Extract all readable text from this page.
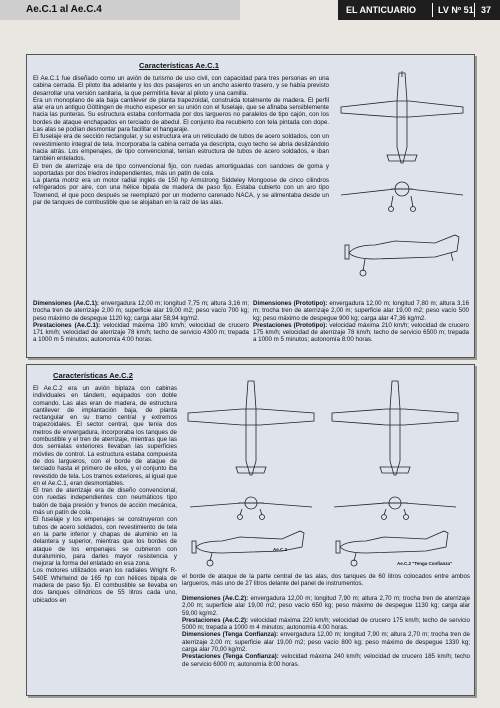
Ae.C.1 al Ae.C.4	EL ANTICUARIO LV Nº 51 37
Características Ae.C.1

El Ae.C.1 fue diseñado como un avión de turismo de uso civil, con capacidad para tres personas en una cabina cerrada. El piloto iba adelante y los dos pasajeros en un ancho asiento trasero, y se había previsto desarrollar una versión sanitaria, la que permitiría llevar al piloto y una camilla.

Era un monoplano de ala baja cantilever de planta trapezoidal, construida totalmente de madera. El perfil alar era un antiguo Göttingen de mucho espesor en su unión con el fuselaje, que se afinaba sensiblemente hacia las punteras. Su estructura estaba conformada por dos largueros no paralelos de tipo cajón, con los bordes de ataque enchapados en terciado de abedul. El conjunto iba recubierto con tela pintada con dope. Las alas se podían desmontar para facilitar el hangaraje.

El fuselaje era de sección rectangular, y su estructura era un reticulado de tubos de acero soldados, con un revestimiento integral de tela. Incorporaba la cabina cerrada ya descripta, cuyo techo se abría deslizándolo hacia atrás. Los empenajes, de tipo convencional, tenían estructura de tubos de acero soldados, e iban también entelados.

El tren de aterrizaje era de tipo convencional fijo, con ruedas amortiguadas con sandows de goma y soportadas por dos triedros independientes, más un patín de cola.

La planta motriz era un motor radial inglés de 150 hp Armstrong Siddeley Mongoose de cinco cilindros refrigerados por aire, con una hélice bipala de madera de paso fijo. Estaba cubierto con un aro tipo Townend, el que poco después se reemplazó por un moderno carenado NACA, y se alimentaba desde un par de tanques de combustible que se alojaban en la raíz de las alas.

Dimensiones (Ae.C.1): envergadura 12,00 m; longitud 7,75 m; altura 3,16 m; trocha tren de aterrizaje 2,00 m; superficie alar 19,00 m2; peso vacío 700 kg; peso máximo de despegue 1120 kg; carga alar 58,94 kg/m2.
Prestaciones (Ae.C.1): velocidad máxima 180 km/h; velocidad de crucero 171 km/h; velocidad de aterrizaje 78 km/h; techo de servicio 4300 m; trepada a 1000 m 5 minutos; autonomía 4:00 horas.
Dimensiones (Prototipo): envergadura 12,00 m; longitud 7,80 m; altura 3,16 m; trocha tren de aterrizaje 2,00 m; superficie alar 19,00 m2; peso vacío 500 kg; peso máximo de despegue 900 kg; carga alar 47,36 kg/m2.
Prestaciones (Prototipo): velocidad máxima 210 km/h; velocidad de crucero 175 km/h; velocidad de aterrizaje 78 km/h; techo de servicio 6500 m; trepada a 1000 m 5 minutos; autonomía 8:00 horas.
Características Ae.C.2

El Ae.C.2 era un avión biplaza con cabinas individuales en tándem, equipados con doble comando. Las alas eran de madera, de estructura cantilever de implantación baja, de planta rectangular en su tramo central y extremos trapezoidales. El sector central, que tenía dos metros de envergadura, incorporaba los tanques de combustible y el tren de aterrizaje, mientras que las dos semialas exteriores llevaban las superficies móviles de control. La estructura estaba compuesta de dos largueros, con el borde de ataque de terciado hasta el primero de ellos, y el conjunto iba revestido de tela. Los tramos exteriores, al igual que en el Ae.C.1, eran desmontables.

El tren de aterrizaje era de diseño convencional, con ruedas independientes con neumáticos tipo balón de baja presión y frenos de acción mecánica, más un patín de cola.

El fuselaje y los empenajes se construyeron con tubos de acero soldados, con revestimiento de tela en la parte inferior y chapas de aluminio en la delantera y superior, mientras que los bordes de ataque de los empenajes se cubrieron con duraluminio, para darles mayor resistencia y mejorar la forma del enlatado en esa zona.

Los motores utilizados eran los radiales Wright R-540E Whirlwind de 165 hp con hélices bipala de madera de paso fijo. El combustible se llevaba en dos tanques cilíndricos de 55 litros cada uno, ubicados en

Ae.C.2
Ae.C.2 "Tenga Confianza"
el borde de ataque de la parte central de las alas, dos tanques de 60 litros colocados entre ambos largueros, más uno de 27 litros delante del panel de instrumentos.
Dimensiones (Ae.C.2): envergadura 12,00 m; longitud 7,90 m; altura 2,70 m; trocha tren de aterrizaje 2,00 m; superficie alar 19,00 m2; peso vacío 650 kg; peso máximo de despegue 1130 kg; carga alar 59,00 kg/m2.
Prestaciones (Ae.C.2): velocidad máxima 220 km/h; velocidad de crucero 175 km/h; techo de servicio 5000 m; trepada a 1000 m 4 minutos; autonomía 4:00 horas.
Dimensiones (Tenga Confianza): envergadura 12,00 m; longitud 7,90 m; altura 2,70 m; trocha tren de aterrizaje 2,00 m; superficie alar 19,00 m2; peso vacío 800 kg; peso máximo de despegue 1330 kg; carga alar 70,00 kg/m2.
Prestaciones (Tenga Confianza): velocidad máxima 240 km/h; velocidad de crucero 185 km/h; techo de servicio 6000 m; autonomía 8:00 horas.
